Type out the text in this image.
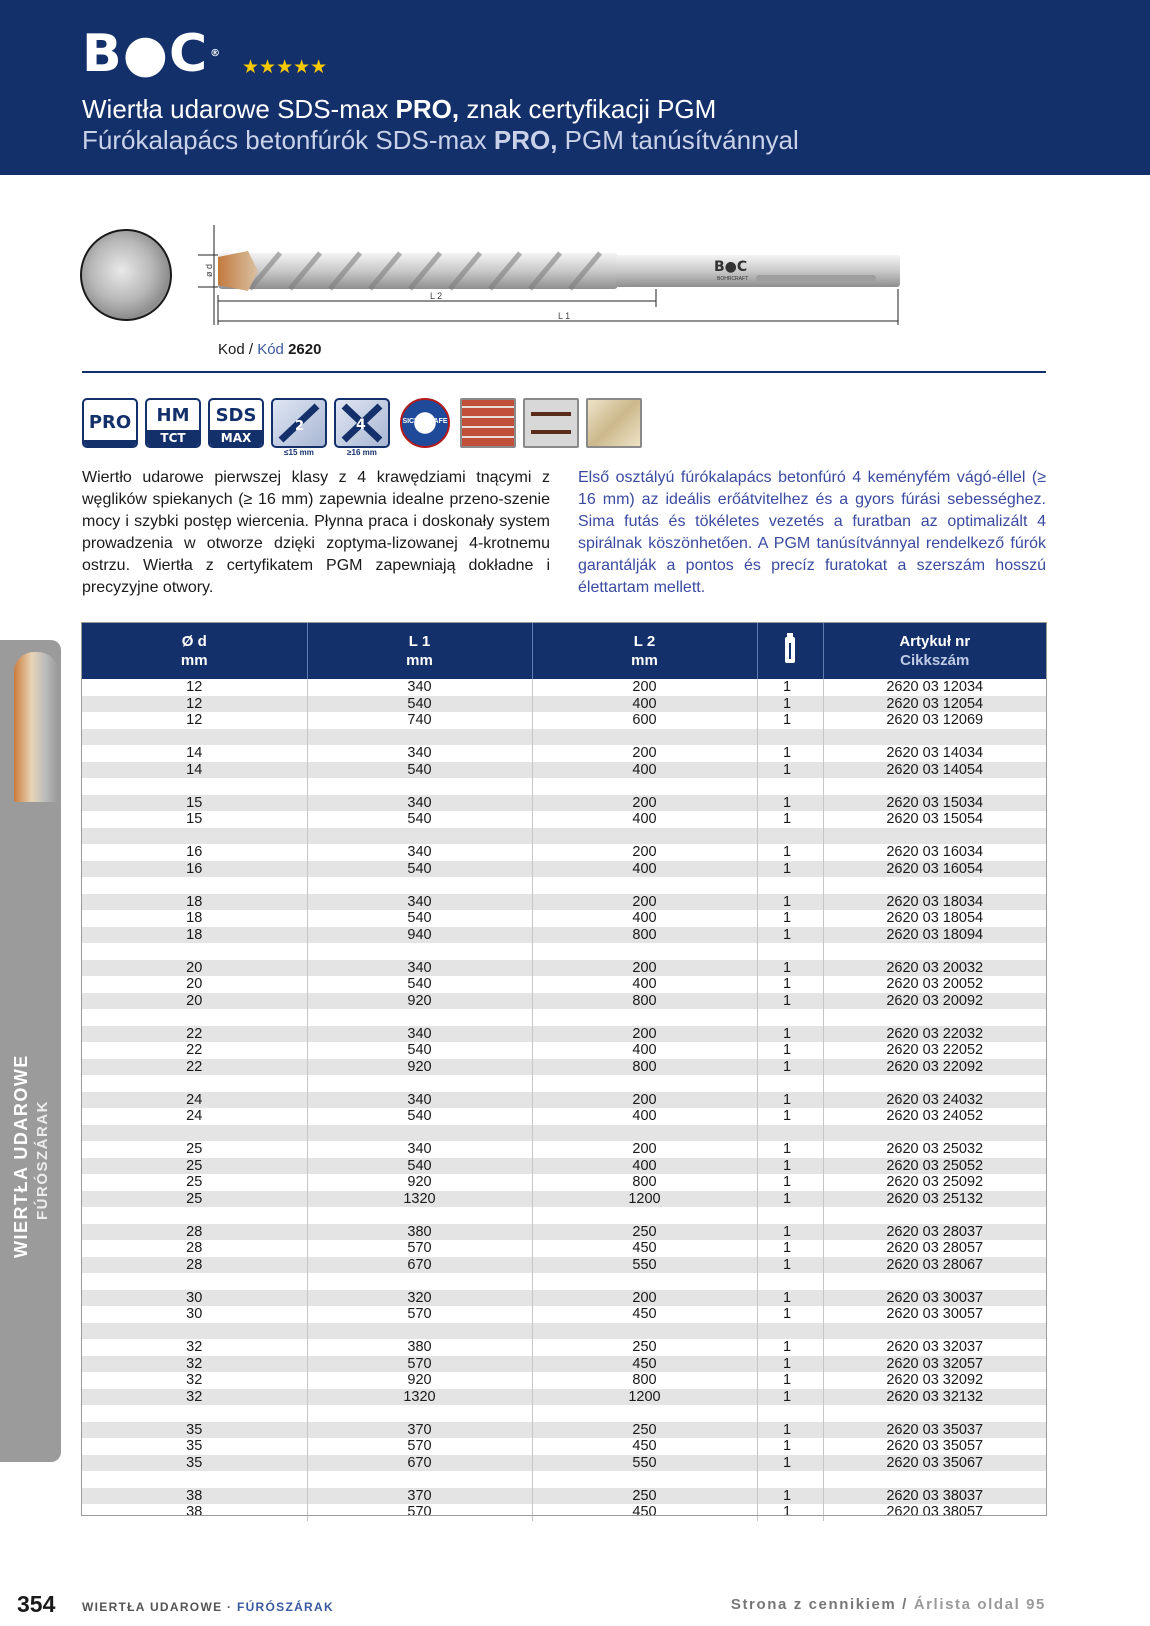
B●C ®
★★★★★
Wiertła udarowe SDS-max PRO, znak certyfikacji PGM
Fúrókalapács betonfúrók SDS-max PRO, PGM tanúsítvánnyal
ø d	B●C
BOHRCRAFT
L 2
L 1
Kod / Kód 2620
PRO	HM
TCT
SDS
MAX
2
≤15 mm
4
≥16 mm
SICHERSAFE
Wiertło udarowe pierwszej klasy z 4 krawędziami tnącymi z węglików spiekanych (≥ 16 mm) zapewnia idealne przeno-szenie mocy i szybki postęp wiercenia. Płynna praca i doskonały system prowadzenia w otworze dzięki zoptyma-lizowanej 4-krotnemu ostrzu. Wiertła z certyfikatem PGM zapewniają dokładne i precyzyjne otwory.
Első osztályú fúrókalapács betonfúró 4 keményfém vágó-éllel (≥ 16 mm) az ideális erőátvitelhez és a gyors fúrási sebességhez. Sima futás és tökéletes vezetés a furatban az optimalizált 4 spirálnak köszönhetően. A PGM tanúsítvánnyal rendelkező fúrók garantálják a pontos és precíz furatokat a szerszám hosszú élettartam mellett.
Ø d
mm	L 1
mm	L 2
mm		Artykuł nr
Cikkszám

12	340	200	1	2620 03 12034
12	540	400	1	2620 03 12054
12	740	600	1	2620 03 12069

14	340	200	1	2620 03 14034
14	540	400	1	2620 03 14054

15	340	200	1	2620 03 15034
15	540	400	1	2620 03 15054

16	340	200	1	2620 03 16034
16	540	400	1	2620 03 16054

18	340	200	1	2620 03 18034
18	540	400	1	2620 03 18054
18	940	800	1	2620 03 18094

20	340	200	1	2620 03 20032
20	540	400	1	2620 03 20052
20	920	800	1	2620 03 20092

22	340	200	1	2620 03 22032
22	540	400	1	2620 03 22052
22	920	800	1	2620 03 22092

24	340	200	1	2620 03 24032
24	540	400	1	2620 03 24052

25	340	200	1	2620 03 25032
25	540	400	1	2620 03 25052
25	920	800	1	2620 03 25092
25	1320	1200	1	2620 03 25132

28	380	250	1	2620 03 28037
28	570	450	1	2620 03 28057
28	670	550	1	2620 03 28067

30	320	200	1	2620 03 30037
30	570	450	1	2620 03 30057

32	380	250	1	2620 03 32037
32	570	450	1	2620 03 32057
32	920	800	1	2620 03 32092
32	1320	1200	1	2620 03 32132

35	370	250	1	2620 03 35037
35	570	450	1	2620 03 35057
35	670	550	1	2620 03 35067

38	370	250	1	2620 03 38037
38	570	450	1	2620 03 38057
WIERTŁA UDAROWE FÚRÓSZÁRAK
354 WIERTŁA UDAROWE · FÚRÓSZÁRAK	Strona z cennikiem / Árlista oldal 95
